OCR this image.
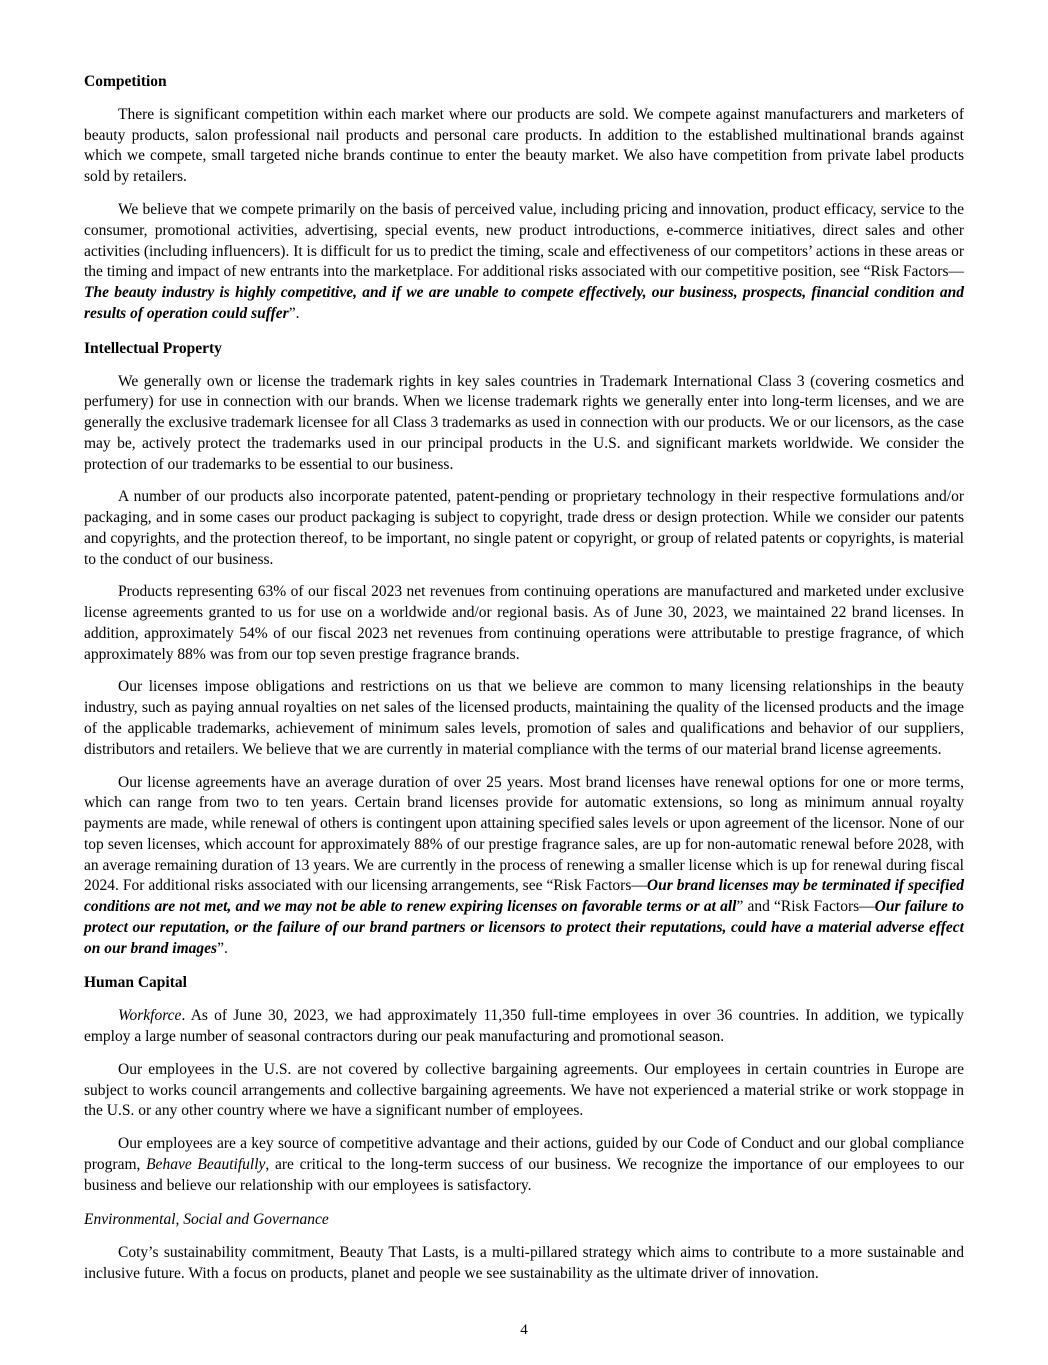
Competition

There is significant competition within each market where our products are sold. We compete against manufacturers and marketers of beauty products, salon professional nail products and personal care products. In addition to the established multinational brands against which we compete, small targeted niche brands continue to enter the beauty market. We also have competition from private label products sold by retailers.

We believe that we compete primarily on the basis of perceived value, including pricing and innovation, product efficacy, service to the consumer, promotional activities, advertising, special events, new product introductions, e-commerce initiatives, direct sales and other activities (including influencers). It is difficult for us to predict the timing, scale and effectiveness of our competitors’ actions in these areas or the timing and impact of new entrants into the marketplace. For additional risks associated with our competitive position, see “Risk Factors—The beauty industry is highly competitive, and if we are unable to compete effectively, our business, prospects, financial condition and results of operation could suffer”.

Intellectual Property

We generally own or license the trademark rights in key sales countries in Trademark International Class 3 (covering cosmetics and perfumery) for use in connection with our brands. When we license trademark rights we generally enter into long-term licenses, and we are generally the exclusive trademark licensee for all Class 3 trademarks as used in connection with our products. We or our licensors, as the case may be, actively protect the trademarks used in our principal products in the U.S. and significant markets worldwide. We consider the protection of our trademarks to be essential to our business.

A number of our products also incorporate patented, patent-pending or proprietary technology in their respective formulations and/or packaging, and in some cases our product packaging is subject to copyright, trade dress or design protection. While we consider our patents and copyrights, and the protection thereof, to be important, no single patent or copyright, or group of related patents or copyrights, is material to the conduct of our business.

Products representing 63% of our fiscal 2023 net revenues from continuing operations are manufactured and marketed under exclusive license agreements granted to us for use on a worldwide and/or regional basis. As of June 30, 2023, we maintained 22 brand licenses. In addition, approximately 54% of our fiscal 2023 net revenues from continuing operations were attributable to prestige fragrance, of which approximately 88% was from our top seven prestige fragrance brands.

Our licenses impose obligations and restrictions on us that we believe are common to many licensing relationships in the beauty industry, such as paying annual royalties on net sales of the licensed products, maintaining the quality of the licensed products and the image of the applicable trademarks, achievement of minimum sales levels, promotion of sales and qualifications and behavior of our suppliers, distributors and retailers. We believe that we are currently in material compliance with the terms of our material brand license agreements.

Our license agreements have an average duration of over 25 years. Most brand licenses have renewal options for one or more terms, which can range from two to ten years. Certain brand licenses provide for automatic extensions, so long as minimum annual royalty payments are made, while renewal of others is contingent upon attaining specified sales levels or upon agreement of the licensor. None of our top seven licenses, which account for approximately 88% of our prestige fragrance sales, are up for non-automatic renewal before 2028, with an average remaining duration of 13 years. We are currently in the process of renewing a smaller license which is up for renewal during fiscal 2024. For additional risks associated with our licensing arrangements, see “Risk Factors—Our brand licenses may be terminated if specified conditions are not met, and we may not be able to renew expiring licenses on favorable terms or at all” and “Risk Factors—Our failure to protect our reputation, or the failure of our brand partners or licensors to protect their reputations, could have a material adverse effect on our brand images”.

Human Capital

Workforce. As of June 30, 2023, we had approximately 11,350 full-time employees in over 36 countries. In addition, we typically employ a large number of seasonal contractors during our peak manufacturing and promotional season.

Our employees in the U.S. are not covered by collective bargaining agreements. Our employees in certain countries in Europe are subject to works council arrangements and collective bargaining agreements. We have not experienced a material strike or work stoppage in the U.S. or any other country where we have a significant number of employees.

Our employees are a key source of competitive advantage and their actions, guided by our Code of Conduct and our global compliance program, Behave Beautifully, are critical to the long-term success of our business. We recognize the importance of our employees to our business and believe our relationship with our employees is satisfactory.

Environmental, Social and Governance

Coty’s sustainability commitment, Beauty That Lasts, is a multi-pillared strategy which aims to contribute to a more sustainable and inclusive future. With a focus on products, planet and people we see sustainability as the ultimate driver of innovation.

4
